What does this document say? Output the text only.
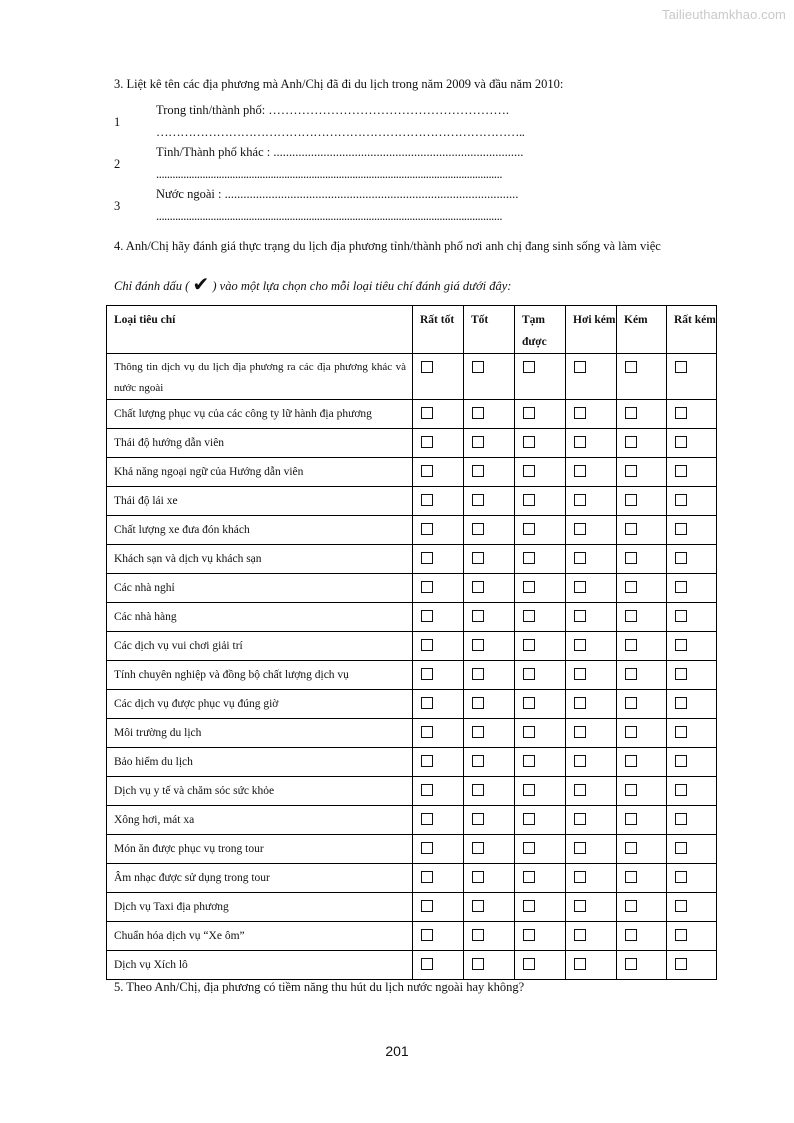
Tailieuthamkhao.com
3. Liệt kê tên các địa phương mà Anh/Chị đã đi du lịch trong năm 2009 và đầu năm 2010:
1
Trong tỉnh/thành phố: ………………………………………………….
………………………………………………………………………………..
2
Tỉnh/Thành phố khác : ................................................................................
...............................................................................................................................
3
Nước ngoài : ..............................................................................................
...............................................................................................................................
4. Anh/Chị hãy đánh giá thực trạng du lịch địa phương tỉnh/thành phố nơi anh chị đang sinh sống và làm việc
Chỉ đánh dấu ( ✔ ) vào một lựa chọn cho mỗi loại tiêu chí đánh giá dưới đây:
Loại tiêu chí	Rất tốt	Tốt	Tạm được	Hơi kém	Kém	Rất kém

Thông tin dịch vụ du lịch địa phương ra các địa phương khác và nước ngoài	

Chất lượng phục vụ của các công ty lữ hành địa phương	

Thái độ hướng dẫn viên	

Khả năng ngoại ngữ của Hướng dẫn viên	

Thái độ lái xe	

Chất lượng xe đưa đón khách	

Khách sạn và dịch vụ khách sạn	

Các nhà nghỉ	

Các nhà hàng	

Các dịch vụ vui chơi giải trí	

Tính chuyên nghiệp và đồng bộ chất lượng dịch vụ	

Các dịch vụ được phục vụ đúng giờ	

Môi trường du lịch	

Bảo hiểm du lịch	

Dịch vụ y tế và chăm sóc sức khỏe	

Xông hơi, mát xa	

Món ăn được phục vụ trong tour	

Âm nhạc được sử dụng trong tour	

Dịch vụ Taxi địa phương	

Chuẩn hóa dịch vụ “Xe ôm”	

Dịch vụ Xích lô	

5. Theo Anh/Chị, địa phương có tiềm năng thu hút du lịch nước ngoài hay không?
201
